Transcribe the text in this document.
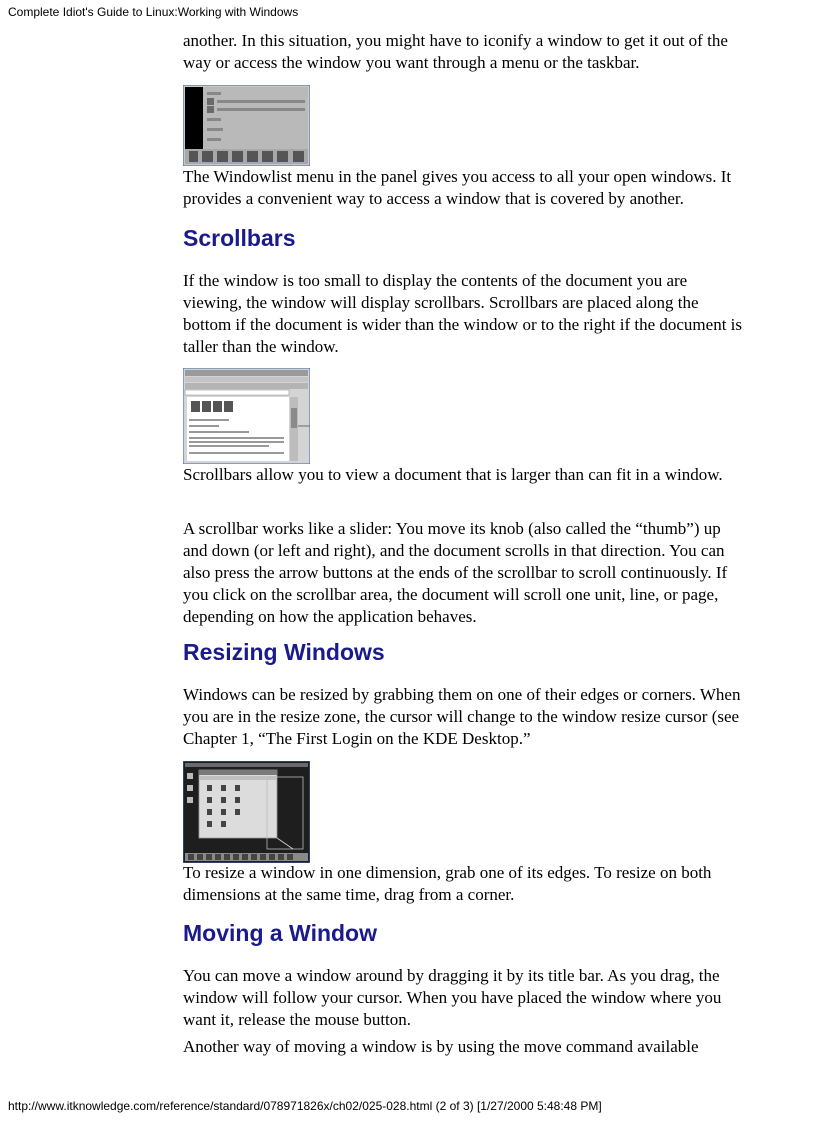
Complete Idiot's Guide to Linux:Working with Windows

another. In this situation, you might have to iconify a window to get it out of the way or access the window you want through a menu or the taskbar.

The Windowlist menu in the panel gives you access to all your open windows. It provides a convenient way to access a window that is covered by another.

Scrollbars

If the window is too small to display the contents of the document you are viewing, the window will display scrollbars. Scrollbars are placed along the bottom if the document is wider than the window or to the right if the document is taller than the window.

Scrollbars allow you to view a document that is larger than can fit in a window.

A scrollbar works like a slider: You move its knob (also called the “thumb”) up and down (or left and right), and the document scrolls in that direction. You can also press the arrow buttons at the ends of the scrollbar to scroll continuously. If you click on the scrollbar area, the document will scroll one unit, line, or page, depending on how the application behaves.

Resizing Windows

Windows can be resized by grabbing them on one of their edges or corners. When you are in the resize zone, the cursor will change to the window resize cursor (see Chapter 1, “The First Login on the KDE Desktop.”

To resize a window in one dimension, grab one of its edges. To resize on both dimensions at the same time, drag from a corner.

Moving a Window

You can move a window around by dragging it by its title bar. As you drag, the window will follow your cursor. When you have placed the window where you want it, release the mouse button.

Another way of moving a window is by using the move command available

http://www.itknowledge.com/reference/standard/078971826x/ch02/025-028.html (2 of 3) [1/27/2000 5:48:48 PM]
